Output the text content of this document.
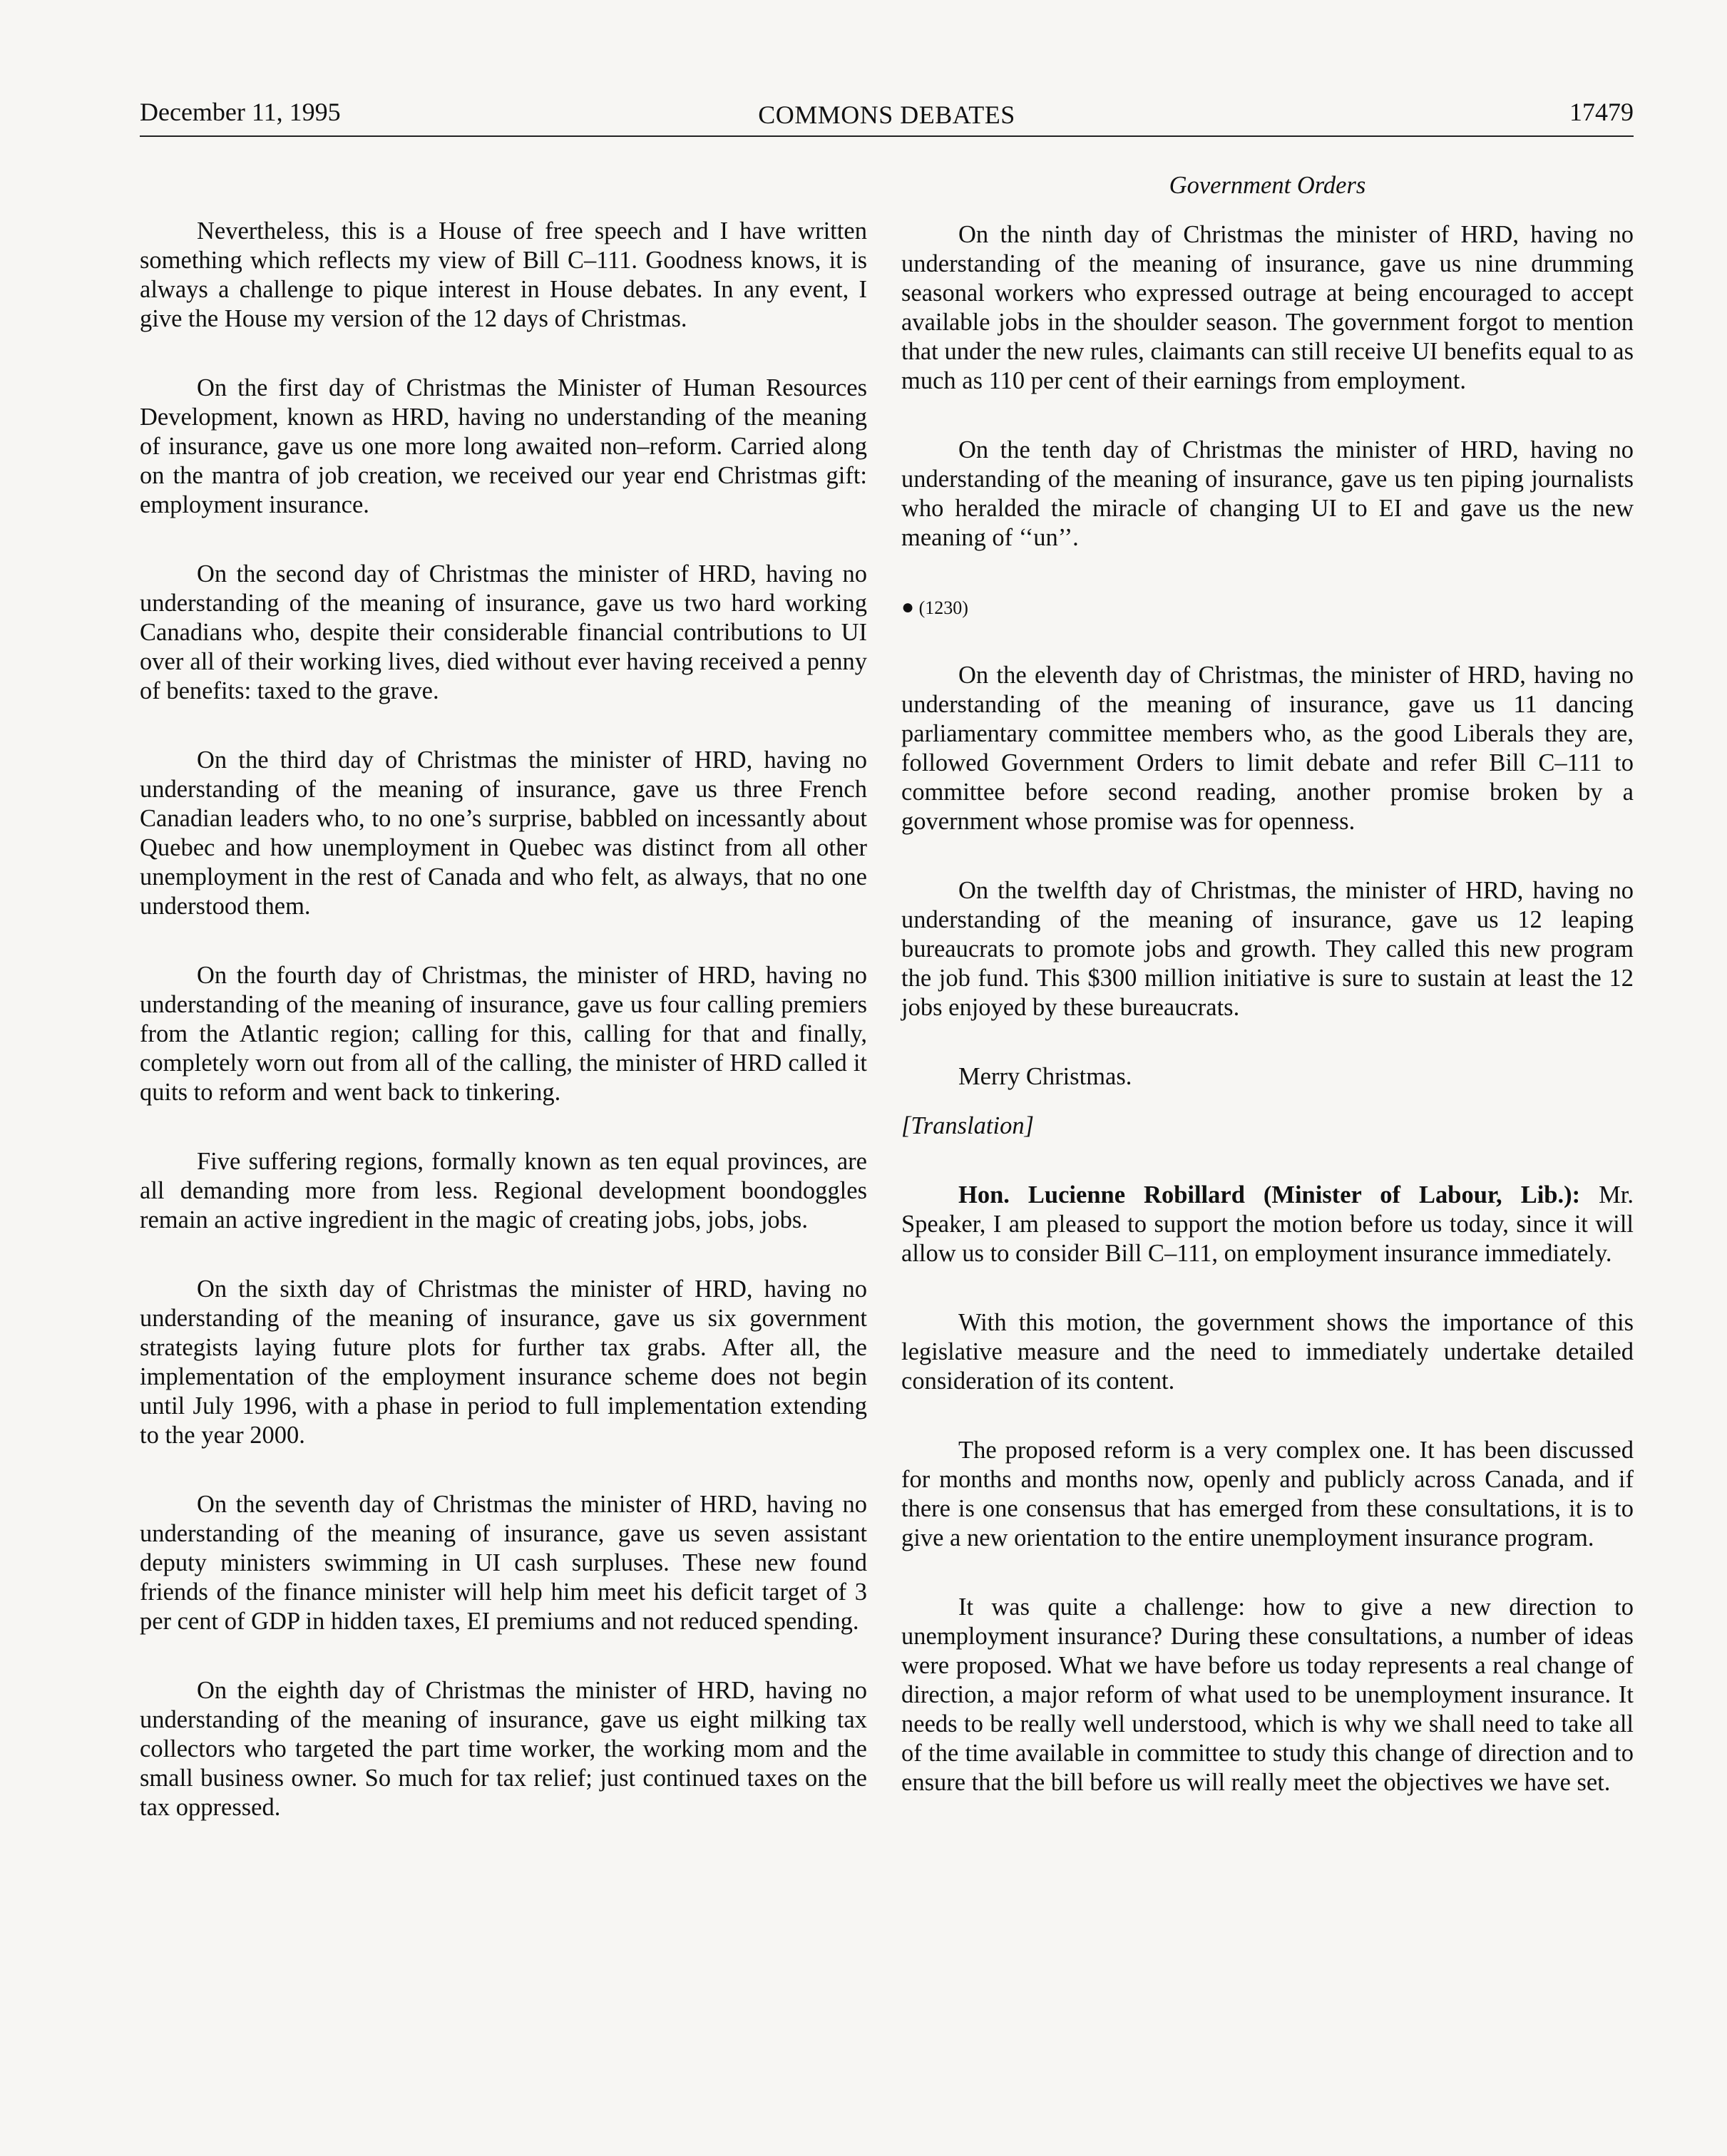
December 11, 1995	COMMONS DEBATES	17479

Nevertheless, this is a House of free speech and I have written something which reflects my view of Bill C–111. Goodness knows, it is always a challenge to pique interest in House debates. In any event, I give the House my version of the 12 days of Christmas.

On the first day of Christmas the Minister of Human Resources Development, known as HRD, having no understanding of the meaning of insurance, gave us one more long awaited non–reform. Carried along on the mantra of job creation, we received our year end Christmas gift: employment insurance.

On the second day of Christmas the minister of HRD, having no understanding of the meaning of insurance, gave us two hard working Canadians who, despite their considerable financial contributions to UI over all of their working lives, died without ever having received a penny of benefits: taxed to the grave.

On the third day of Christmas the minister of HRD, having no understanding of the meaning of insurance, gave us three French Canadian leaders who, to no one’s surprise, babbled on incessantly about Quebec and how unemployment in Quebec was distinct from all other unemployment in the rest of Canada and who felt, as always, that no one understood them.

On the fourth day of Christmas, the minister of HRD, having no understanding of the meaning of insurance, gave us four calling premiers from the Atlantic region; calling for this, calling for that and finally, completely worn out from all of the calling, the minister of HRD called it quits to reform and went back to tinkering.

Five suffering regions, formally known as ten equal provinces, are all demanding more from less. Regional development boondoggles remain an active ingredient in the magic of creating jobs, jobs, jobs.

On the sixth day of Christmas the minister of HRD, having no understanding of the meaning of insurance, gave us six government strategists laying future plots for further tax grabs. After all, the implementation of the employment insurance scheme does not begin until July 1996, with a phase in period to full implementation extending to the year 2000.

On the seventh day of Christmas the minister of HRD, having no understanding of the meaning of insurance, gave us seven assistant deputy ministers swimming in UI cash surpluses. These new found friends of the finance minister will help him meet his deficit target of 3 per cent of GDP in hidden taxes, EI premiums and not reduced spending.

On the eighth day of Christmas the minister of HRD, having no understanding of the meaning of insurance, gave us eight milking tax collectors who targeted the part time worker, the working mom and the small business owner. So much for tax relief; just continued taxes on the tax oppressed.

Government Orders

On the ninth day of Christmas the minister of HRD, having no understanding of the meaning of insurance, gave us nine drumming seasonal workers who expressed outrage at being encouraged to accept available jobs in the shoulder season. The government forgot to mention that under the new rules, claimants can still receive UI benefits equal to as much as 110 per cent of their earnings from employment.

On the tenth day of Christmas the minister of HRD, having no understanding of the meaning of insurance, gave us ten piping journalists who heralded the miracle of changing UI to EI and gave us the new meaning of ‘‘un’’.

● (1230)

On the eleventh day of Christmas, the minister of HRD, having no understanding of the meaning of insurance, gave us 11 dancing parliamentary committee members who, as the good Liberals they are, followed Government Orders to limit debate and refer Bill C–111 to committee before second reading, another promise broken by a government whose promise was for openness.

On the twelfth day of Christmas, the minister of HRD, having no understanding of the meaning of insurance, gave us 12 leaping bureaucrats to promote jobs and growth. They called this new program the job fund. This $300 million initiative is sure to sustain at least the 12 jobs enjoyed by these bureaucrats.

Merry Christmas.

[Translation]

Hon. Lucienne Robillard (Minister of Labour, Lib.): Mr. Speaker, I am pleased to support the motion before us today, since it will allow us to consider Bill C–111, on employment insurance immediately.

With this motion, the government shows the importance of this legislative measure and the need to immediately undertake detailed consideration of its content.

The proposed reform is a very complex one. It has been discussed for months and months now, openly and publicly across Canada, and if there is one consensus that has emerged from these consultations, it is to give a new orientation to the entire unemployment insurance program.

It was quite a challenge: how to give a new direction to unemployment insurance? During these consultations, a number of ideas were proposed. What we have before us today represents a real change of direction, a major reform of what used to be unemployment insurance. It needs to be really well understood, which is why we shall need to take all of the time available in committee to study this change of direction and to ensure that the bill before us will really meet the objectives we have set.
